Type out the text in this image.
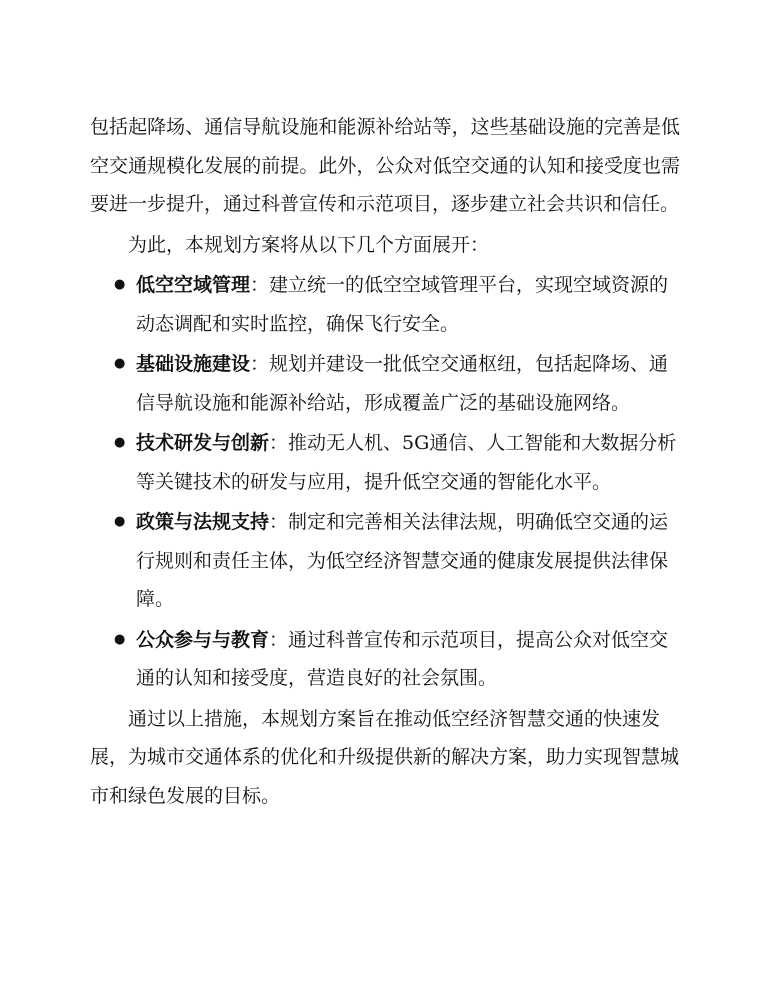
包括起降场、通信导航设施和能源补给站等，这些基础设施的完善是低空交通规模化发展的前提。此外，公众对低空交通的认知和接受度也需要进一步提升，通过科普宣传和示范项目，逐步建立社会共识和信任。

为此，本规划方案将从以下几个方面展开：

● 低空空域管理：建立统一的低空空域管理平台，实现空域资源的动态调配和实时监控，确保飞行安全。
● 基础设施建设：规划并建设一批低空交通枢纽，包括起降场、通信导航设施和能源补给站，形成覆盖广泛的基础设施网络。
● 技术研发与创新：推动无人机、5G通信、人工智能和大数据分析等关键技术的研发与应用，提升低空交通的智能化水平。
● 政策与法规支持：制定和完善相关法律法规，明确低空交通的运行规则和责任主体，为低空经济智慧交通的健康发展提供法律保障。
● 公众参与与教育：通过科普宣传和示范项目，提高公众对低空交通的认知和接受度，营造良好的社会氛围。

通过以上措施，本规划方案旨在推动低空经济智慧交通的快速发展，为城市交通体系的优化和升级提供新的解决方案，助力实现智慧城市和绿色发展的目标。
